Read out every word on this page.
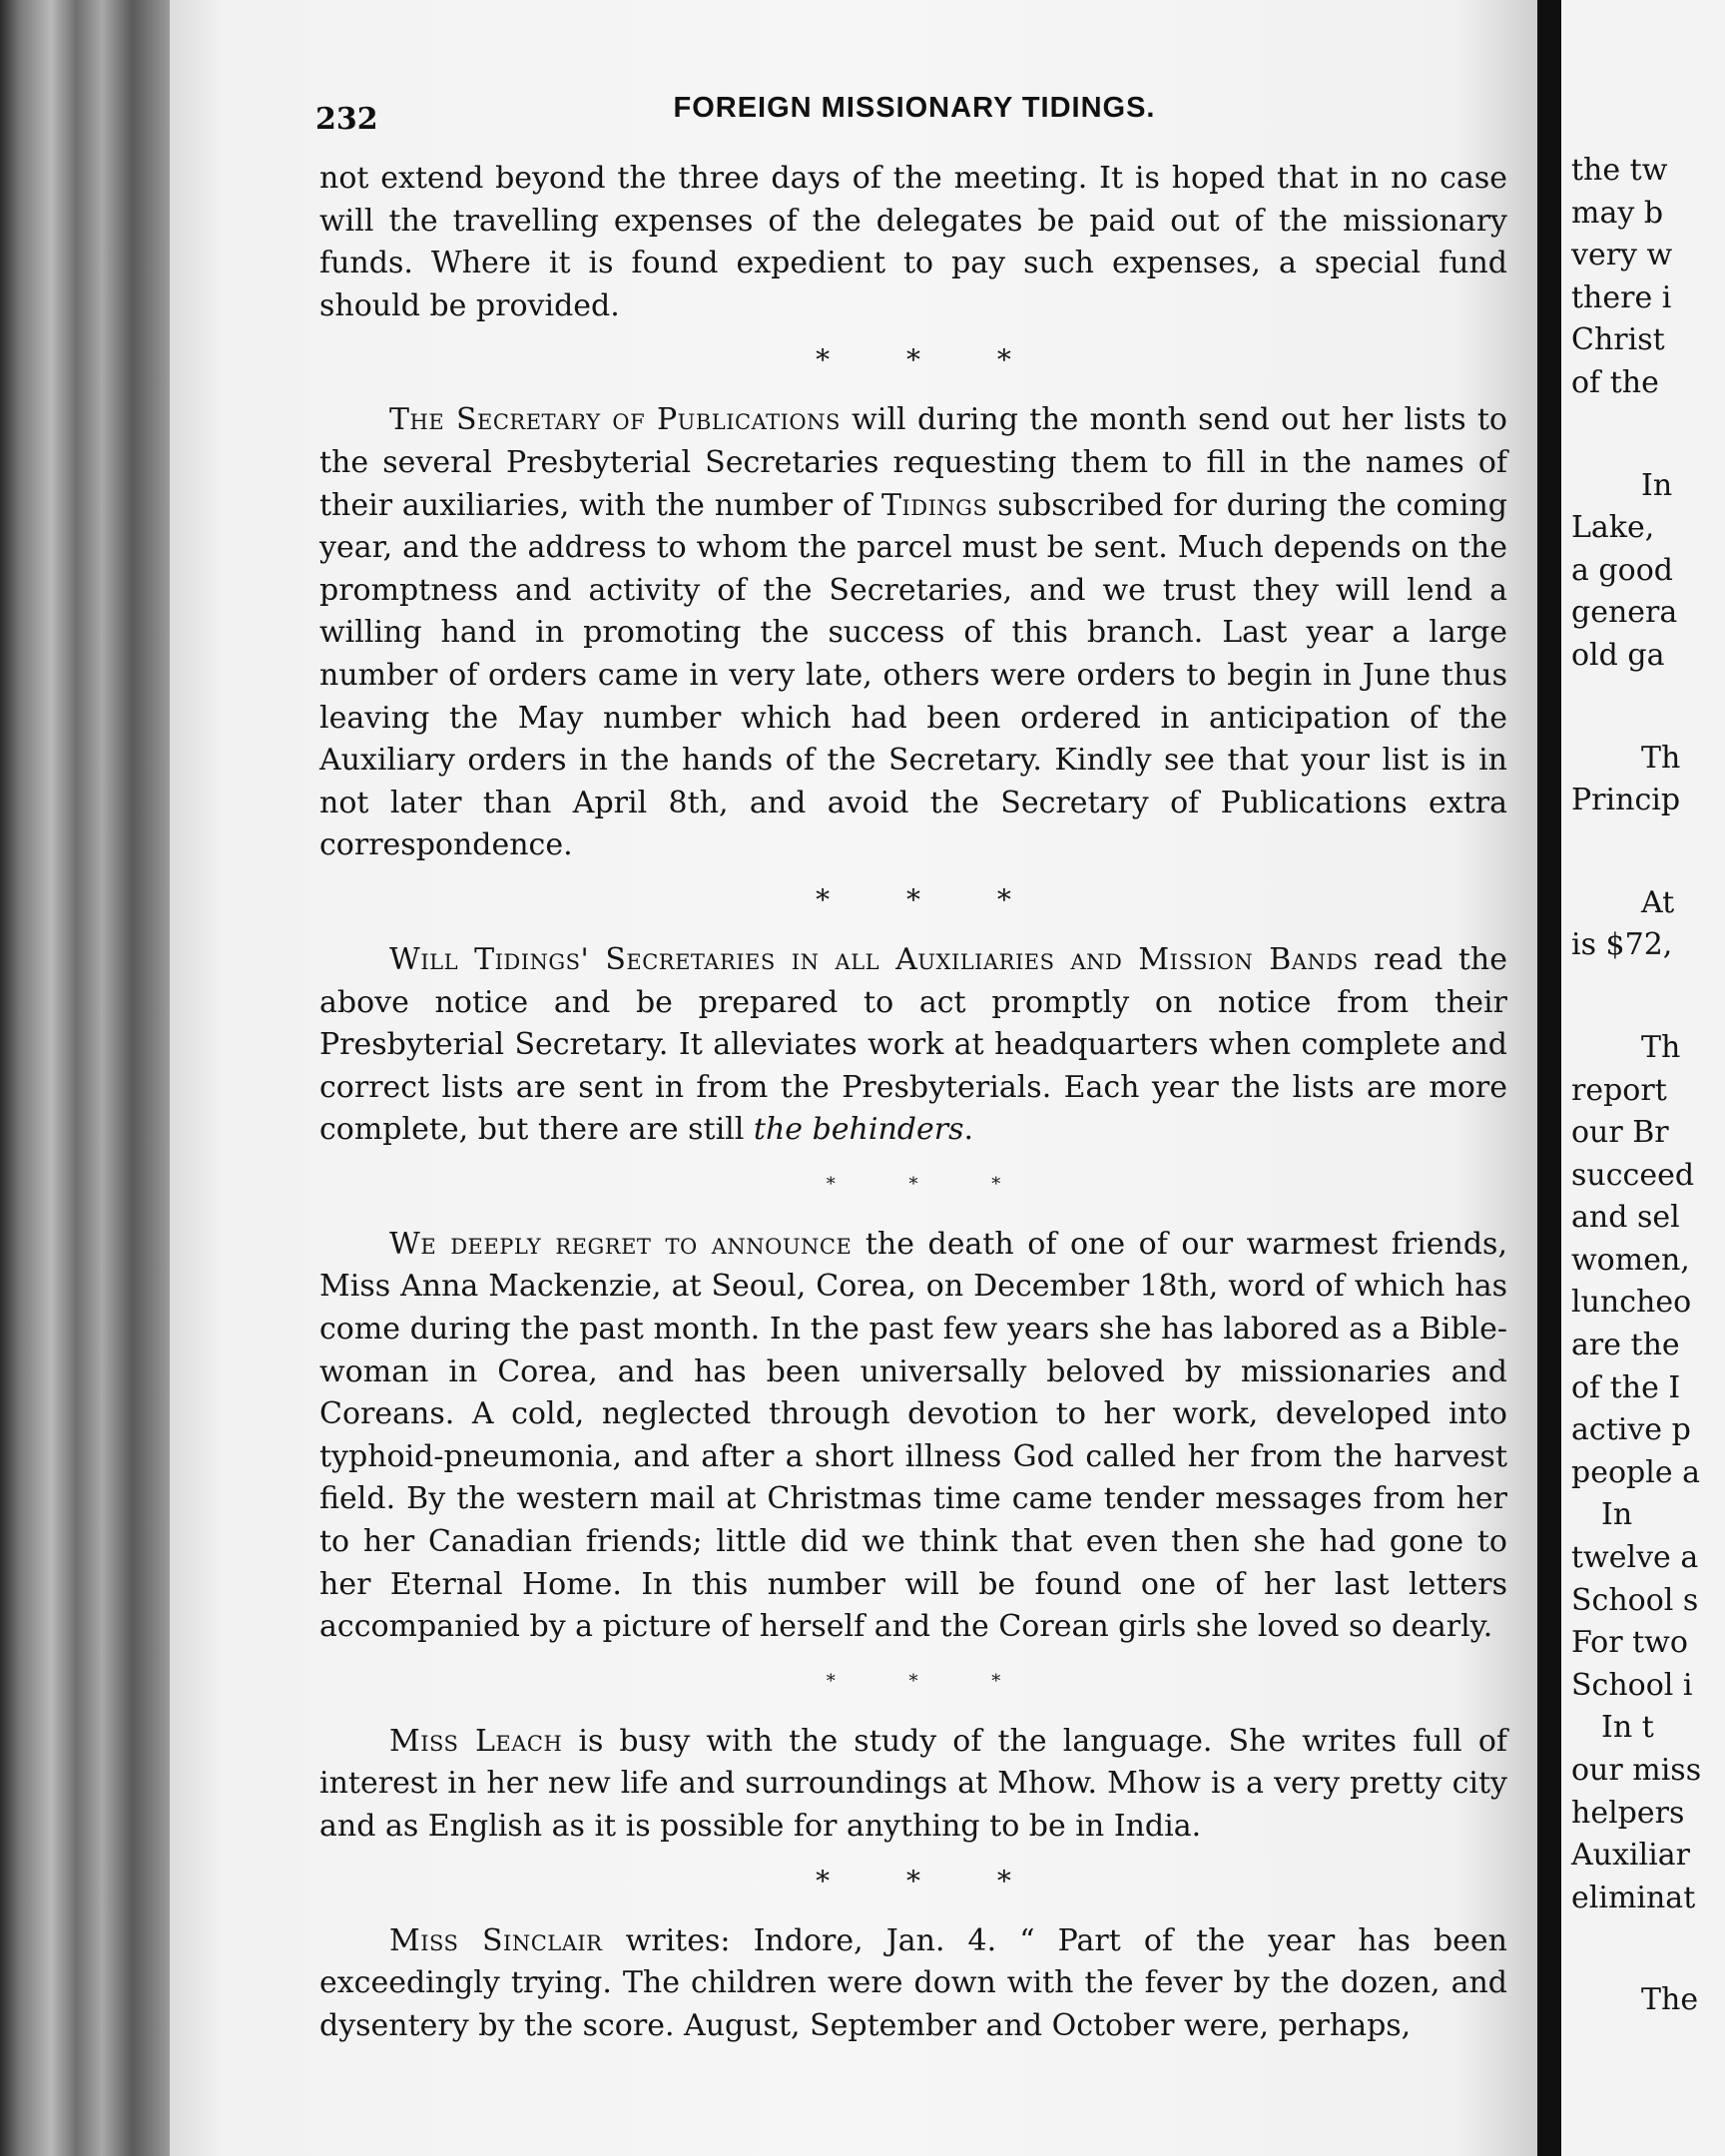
the tw
may b
very w
there i
Christ
of the
In
Lake,
a good
genera
old ga
Th
Princip
At
is $72,
Th
report
our Br
succeed
and sel
women,
luncheo
are the
of the I
active p
people a
In
twelve a
School s
For two
School i
In t
our miss
helpers
Auxiliar
eliminat
The
232	FOREIGN MISSIONARY TIDINGS.

not extend beyond the three days of the meeting. It is hoped that in no case will the travelling expenses of the delegates be paid out of the missionary funds. Where it is found expedient to pay such expenses, a special fund should be provided.

* * *

The Secretary of Publications will during the month send out her lists to the several Presbyterial Secretaries requesting them to fill in the names of their auxiliaries, with the number of Tidings subscribed for during the coming year, and the address to whom the parcel must be sent. Much depends on the promptness and activity of the Secretaries, and we trust they will lend a willing hand in promoting the success of this branch. Last year a large number of orders came in very late, others were orders to begin in June thus leaving the May number which had been ordered in anticipation of the Auxiliary orders in the hands of the Secretary. Kindly see that your list is in not later than April 8th, and avoid the Secretary of Publications extra correspondence.

* * *

Will Tidings' Secretaries in all Auxiliaries and Mission Bands read the above notice and be prepared to act promptly on notice from their Presbyterial Secretary. It alleviates work at headquarters when complete and correct lists are sent in from the Presbyterials. Each year the lists are more complete, but there are still the behinders.

* * *

We deeply regret to announce the death of one of our warmest friends, Miss Anna Mackenzie, at Seoul, Corea, on December 18th, word of which has come during the past month. In the past few years she has labored as a Bible-woman in Corea, and has been universally beloved by missionaries and Coreans. A cold, neglected through devotion to her work, developed into typhoid-pneumonia, and after a short illness God called her from the harvest field. By the western mail at Christmas time came tender messages from her to her Canadian friends; little did we think that even then she had gone to her Eternal Home. In this number will be found one of her last letters accompanied by a picture of herself and the Corean girls she loved so dearly.

* * *

Miss Leach is busy with the study of the language. She writes full of interest in her new life and surroundings at Mhow. Mhow is a very pretty city and as English as it is possible for anything to be in India.

* * *

Miss Sinclair writes: Indore, Jan. 4. “ Part of the year has been exceedingly trying. The children were down with the fever by the dozen, and dysentery by the score. August, September and October were, perhaps,
